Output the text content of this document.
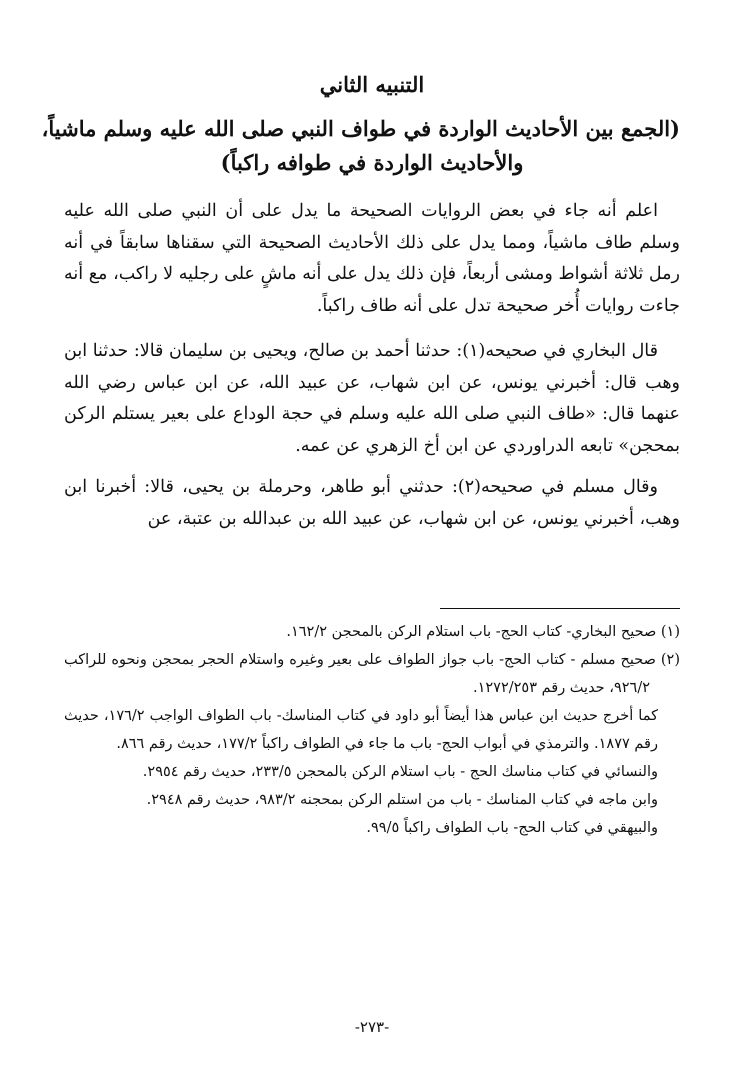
التنبيه الثاني
(الجمع بين الأحاديث الواردة في طواف النبي صلى الله عليه وسلم ماشياً،
والأحاديث الواردة في طوافه راكباً)

اعلم أنه جاء في بعض الروايات الصحيحة ما يدل على أن النبي صلى الله عليه وسلم طاف ماشياً، ومما يدل على ذلك الأحاديث الصحيحة التي سقناها سابقاً في أنه رمل ثلاثة أشواط ومشى أربعاً، فإن ذلك يدل على أنه ماشٍ على رجليه لا راكب، مع أنه جاءت روايات أُخر صحيحة تدل على أنه طاف راكباً.

قال البخاري في صحيحه(١): حدثنا أحمد بن صالح، ويحيى بن سليمان قالا: حدثنا ابن وهب قال: أخبرني يونس، عن ابن شهاب، عن عبيد الله، عن ابن عباس رضي الله عنهما قال: «طاف النبي صلى الله عليه وسلم في حجة الوداع على بعير يستلم الركن بمحجن» تابعه الدراوردي عن ابن أخ الزهري عن عمه.

وقال مسلم في صحيحه(٢): حدثني أبو طاهر، وحرملة بن يحيى، قالا: أخبرنا ابن وهب، أخبرني يونس، عن ابن شهاب، عن عبيد الله بن عبدالله بن عتبة، عن

(١) صحيح البخاري- كتاب الحج- باب استلام الركن بالمحجن ١٦٢/٢.

(٢) صحيح مسلم - كتاب الحج- باب جواز الطواف على بعير وغيره واستلام الحجر بمحجن ونحوه للراكب ٩٢٦/٢، حديث رقم ١٢٧٢/٢٥٣.

كما أخرج حديث ابن عباس هذا أيضاً أبو داود في كتاب المناسك- باب الطواف الواجب ١٧٦/٢، حديث رقم ١٨٧٧. والترمذي في أبواب الحج- باب ما جاء في الطواف راكباً ١٧٧/٢، حديث رقم ٨٦٦.

والنسائي في كتاب مناسك الحج - باب استلام الركن بالمحجن ٢٣٣/٥، حديث رقم ٢٩٥٤.

وابن ماجه في كتاب المناسك - باب من استلم الركن بمحجنه ٩٨٣/٢، حديث رقم ٢٩٤٨.

والبيهقي في كتاب الحج- باب الطواف راكباً ٩٩/٥.

-٢٧٣-
